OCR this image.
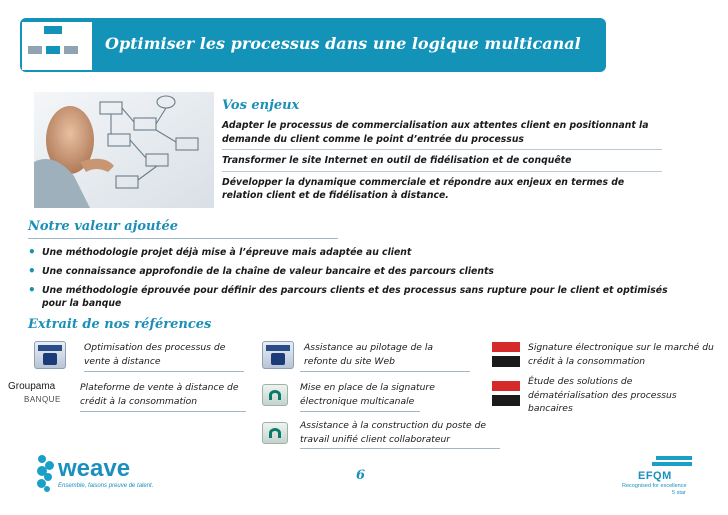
Optimiser les processus dans une logique multicanal
Vos enjeux
Adapter le processus de commercialisation aux attentes client en positionnant la demande du client comme le point d’entrée du processus
Transformer le site Internet en outil de fidélisation et de conquête
Développer la dynamique commerciale et répondre aux enjeux en termes de relation client et de fidélisation à distance.
Notre valeur ajoutée
• Une méthodologie projet déjà mise à l’épreuve mais adaptée au client
• Une connaissance approfondie de la chaîne de valeur bancaire et des parcours clients
• Une méthodologie éprouvée pour définir des parcours clients et des processus sans rupture pour le client et optimisés pour la banque
Extrait de nos références
Optimisation des processus de vente à distance
Assistance au pilotage de la refonte du site Web
Signature électronique sur le marché du crédit à la consommation
Groupama
BANQUE
Plateforme de vente à distance de crédit à la consommation
Mise en place de la signature électronique multicanale
Étude des solutions de dématérialisation des processus bancaires
Assistance à la construction du poste de travail unifié client collaborateur
weave
Ensemble, faisons preuve de talent.
6	EFQM
Recognised for excellence
5 star
